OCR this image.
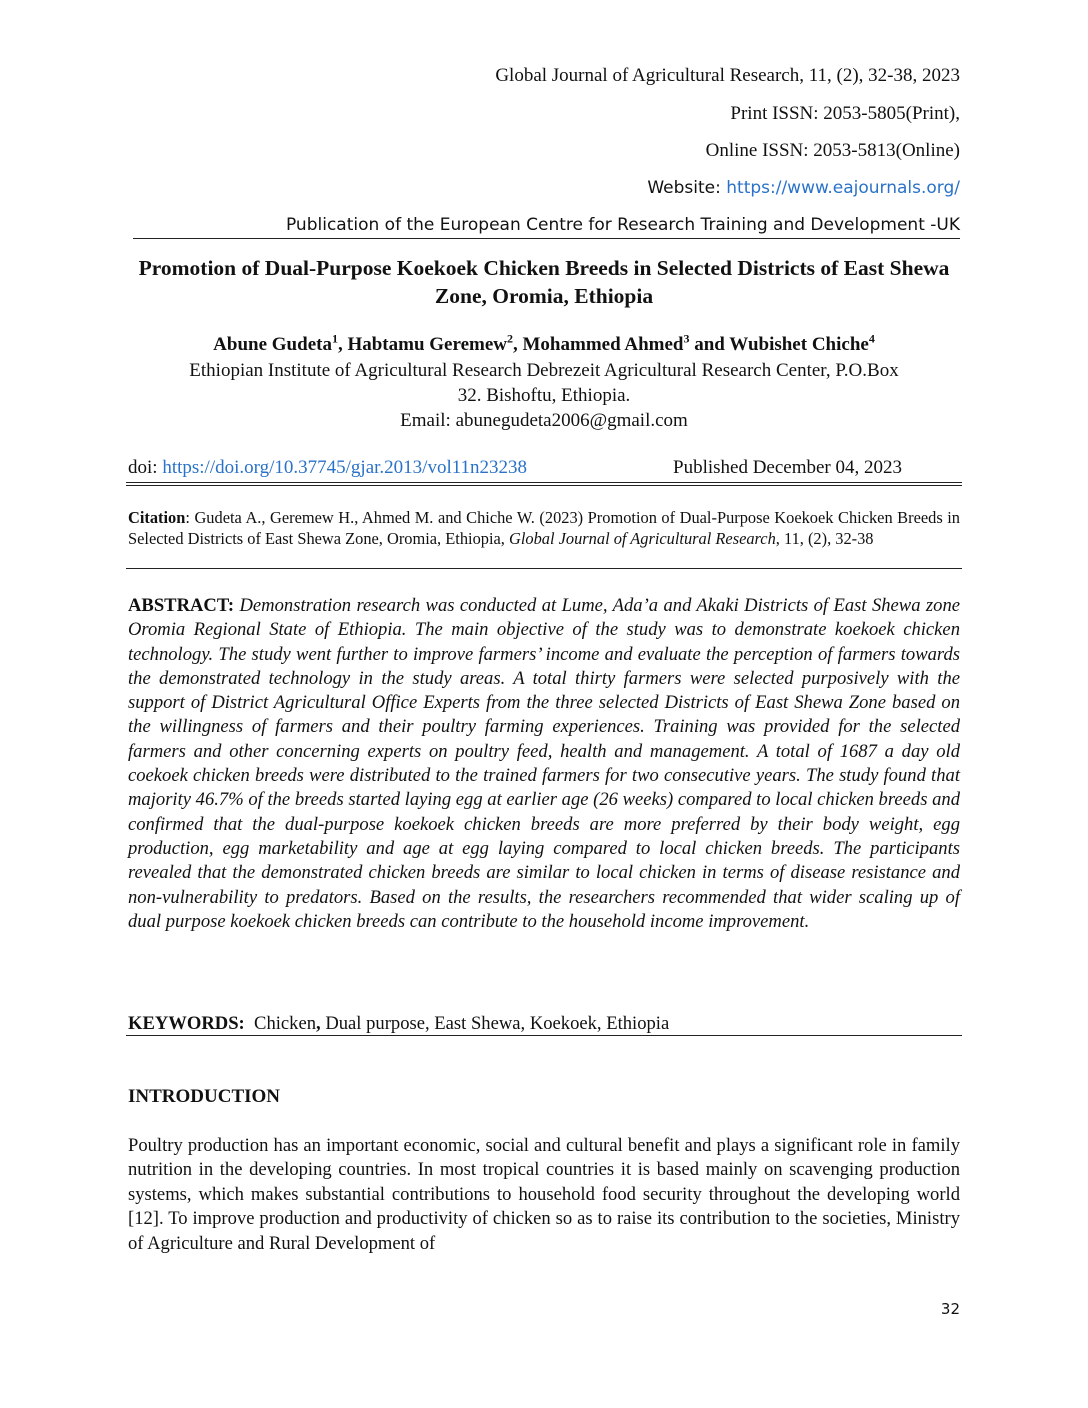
Global Journal of Agricultural Research, 11, (2), 32-38, 2023
Print ISSN: 2053-5805(Print),
Online ISSN: 2053-5813(Online)
Website: https://www.eajournals.org/
Publication of the European Centre for Research Training and Development -UK
Promotion of Dual-Purpose Koekoek Chicken Breeds in Selected Districts of East Shewa Zone, Oromia, Ethiopia
Abune Gudeta$^1$, Habtamu Geremew$^2$, Mohammed Ahmed$^3$ and Wubishet Chiche$^4$
Ethiopian Institute of Agricultural Research Debrezeit Agricultural Research Center, P.O.Box
32. Bishoftu, Ethiopia.
Email: abunegudeta2006@gmail.com
doi: https://doi.org/10.37745/gjar.2013/vol11n23238	Published December 04, 2023
Citation: Gudeta A., Geremew H., Ahmed M. and Chiche W. (2023) Promotion of Dual-Purpose Koekoek Chicken Breeds in Selected Districts of East Shewa Zone, Oromia, Ethiopia, Global Journal of Agricultural Research, 11, (2), 32-38
ABSTRACT: Demonstration research was conducted at Lume, Ada’a and Akaki Districts of East Shewa zone Oromia Regional State of Ethiopia. The main objective of the study was to demonstrate koekoek chicken technology. The study went further to improve farmers’ income and evaluate the perception of farmers towards the demonstrated technology in the study areas. A total thirty farmers were selected purposively with the support of District Agricultural Office Experts from the three selected Districts of East Shewa Zone based on the willingness of farmers and their poultry farming experiences. Training was provided for the selected farmers and other concerning experts on poultry feed, health and management. A total of 1687 a day old coekoek chicken breeds were distributed to the trained farmers for two consecutive years. The study found that majority 46.7% of the breeds started laying egg at earlier age (26 weeks) compared to local chicken breeds and confirmed that the dual-purpose koekoek chicken breeds are more preferred by their body weight, egg production, egg marketability and age at egg laying compared to local chicken breeds. The participants revealed that the demonstrated chicken breeds are similar to local chicken in terms of disease resistance and non-vulnerability to predators. Based on the results, the researchers recommended that wider scaling up of dual purpose koekoek chicken breeds can contribute to the household income improvement.
KEYWORDS: Chicken, Dual purpose, East Shewa, Koekoek, Ethiopia
INTRODUCTION
Poultry production has an important economic, social and cultural benefit and plays a significant role in family nutrition in the developing countries. In most tropical countries it is based mainly on scavenging production systems, which makes substantial contributions to household food security throughout the developing world [12]. To improve production and productivity of chicken so as to raise its contribution to the societies, Ministry of Agriculture and Rural Development of
32
